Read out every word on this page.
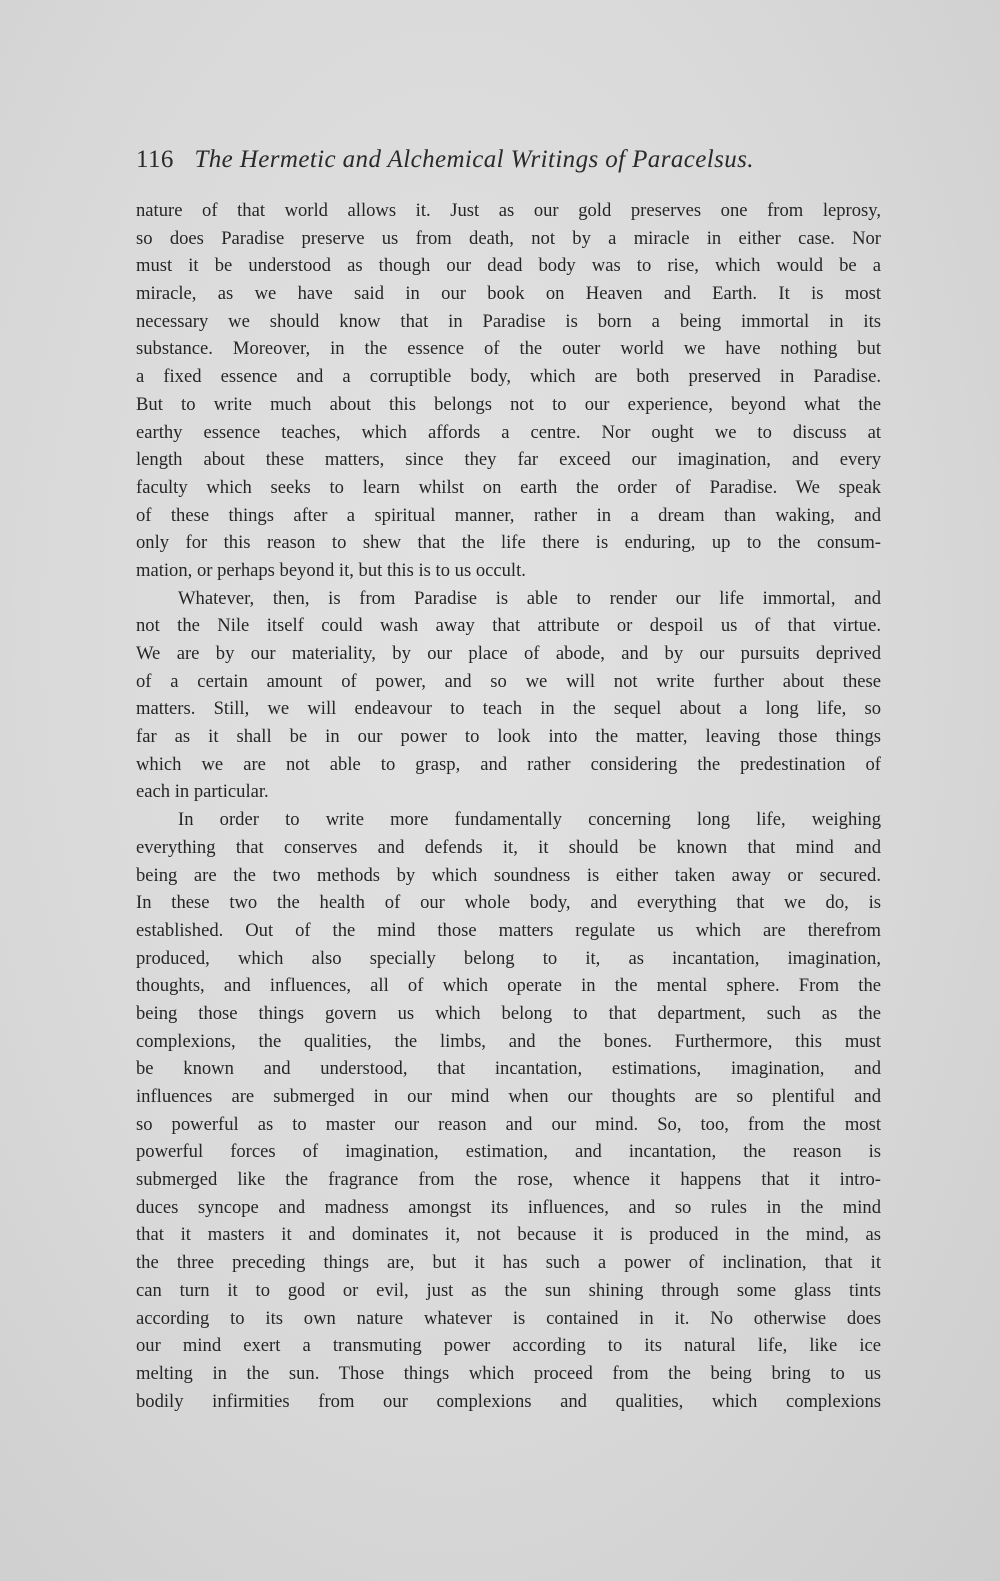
116 The Hermetic and Alchemical Writings of Paracelsus.
nature of that world allows it. Just as our gold preserves one from leprosy,
so does Paradise preserve us from death, not by a miracle in either case. Nor
must it be understood as though our dead body was to rise, which would be a
miracle, as we have said in our book on Heaven and Earth. It is most
necessary we should know that in Paradise is born a being immortal in its
substance. Moreover, in the essence of the outer world we have nothing but
a fixed essence and a corruptible body, which are both preserved in Paradise.
But to write much about this belongs not to our experience, beyond what the
earthy essence teaches, which affords a centre. Nor ought we to discuss at
length about these matters, since they far exceed our imagination, and every
faculty which seeks to learn whilst on earth the order of Paradise. We speak
of these things after a spiritual manner, rather in a dream than waking, and
only for this reason to shew that the life there is enduring, up to the consum-
mation, or perhaps beyond it, but this is to us occult.
Whatever, then, is from Paradise is able to render our life immortal, and
not the Nile itself could wash away that attribute or despoil us of that virtue.
We are by our materiality, by our place of abode, and by our pursuits deprived
of a certain amount of power, and so we will not write further about these
matters. Still, we will endeavour to teach in the sequel about a long life, so
far as it shall be in our power to look into the matter, leaving those things
which we are not able to grasp, and rather considering the predestination of
each in particular.
In order to write more fundamentally concerning long life, weighing
everything that conserves and defends it, it should be known that mind and
being are the two methods by which soundness is either taken away or secured.
In these two the health of our whole body, and everything that we do, is
established. Out of the mind those matters regulate us which are therefrom
produced, which also specially belong to it, as incantation, imagination,
thoughts, and influences, all of which operate in the mental sphere. From the
being those things govern us which belong to that department, such as the
complexions, the qualities, the limbs, and the bones. Furthermore, this must
be known and understood, that incantation, estimations, imagination, and
influences are submerged in our mind when our thoughts are so plentiful and
so powerful as to master our reason and our mind. So, too, from the most
powerful forces of imagination, estimation, and incantation, the reason is
submerged like the fragrance from the rose, whence it happens that it intro-
duces syncope and madness amongst its influences, and so rules in the mind
that it masters it and dominates it, not because it is produced in the mind, as
the three preceding things are, but it has such a power of inclination, that it
can turn it to good or evil, just as the sun shining through some glass tints
according to its own nature whatever is contained in it. No otherwise does
our mind exert a transmuting power according to its natural life, like ice
melting in the sun. Those things which proceed from the being bring to us
bodily infirmities from our complexions and qualities, which complexions
